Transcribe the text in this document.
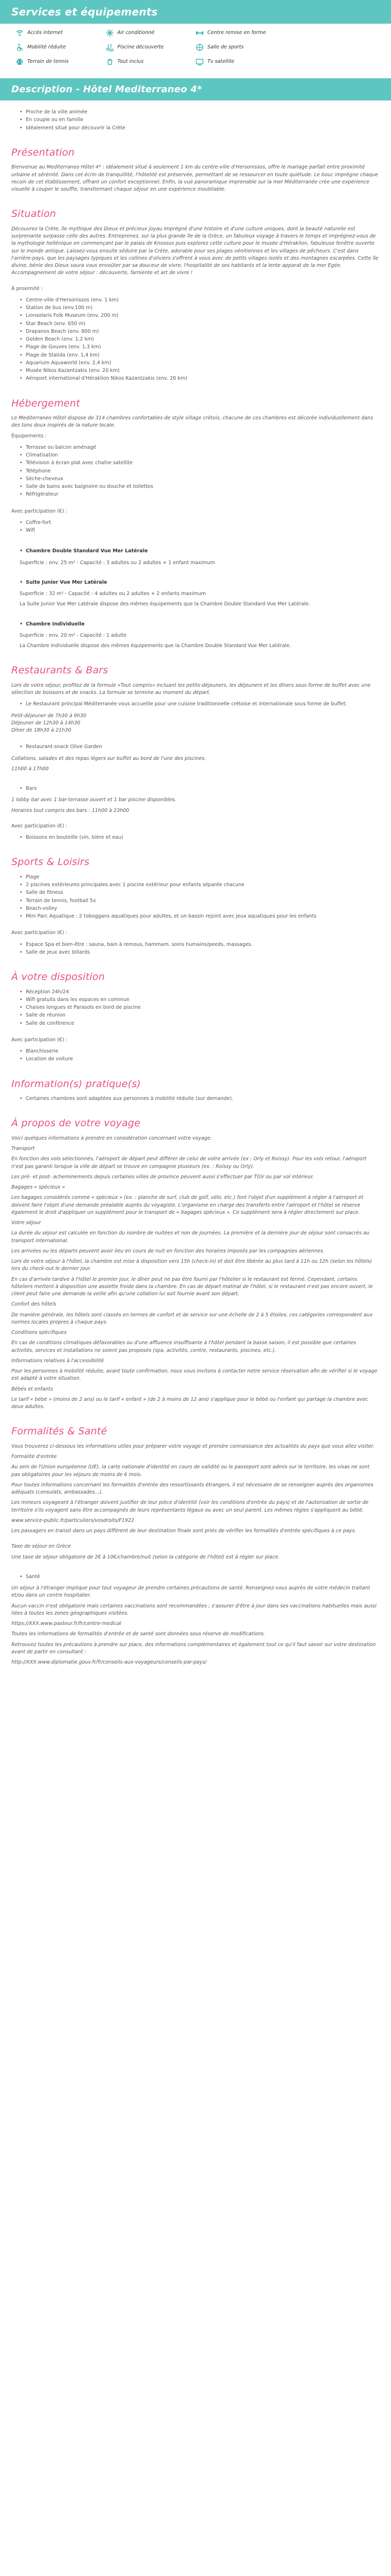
Services et équipements
Accès internet	Air conditionné	Centre remise en forme
Mobilité réduite	Piscine découverte	Salle de sports
Terrain de tennis	Tout inclus	Tv satellite
Description - Hôtel Mediterraneo 4*
• Proche de la ville animée
• En couple ou en famille
• Idéalement situé pour découvrir la Crète
Présentation

Bienvenue au Mediterraneo Hôtel 4* : idéalement situé à seulement 1 km du centre-ville d'Hersonissos, offre le mariage parfait entre proximité urbaine et sérénité. Dans cet écrin de tranquillité, l'hôtelité est préservée, permettant de se ressourcer en toute quiétude. Le bouc imprègne chaque recoin de cet établissement, offrant un confort exceptionnel. Enfin, la vue panoramique imprenable sur la mer Méditerranée crée une expérience visuelle à couper le souffle, transformant chaque séjour en une expérience inoubliable.

Situation

Découvrez la Crète, île mythique des Dieux et précieux joyau imprégné d'une histoire et d'une culture uniques, dont la beauté naturelle est surprenante surpasse celle des autres. Entreprenez, sur la plus grande île de la Grèce, un fabuleux voyage à travers le temps et imprégnez-vous de la mythologie hellénique en commençant par le palais de Knossos puis explorez cette culture pour le musée d'Héraklion, fabuleuse fenêtre ouverte sur le monde antique. Laissez-vous ensuite séduire par la Crète, adorable pour ses plages vénitiennes et les villages de pêcheurs. C'est dans l'arrière-pays, que les paysages typiques et les collines d'oliviers s'offrent à vous avec de petits villages isolés et des montagnes escarpées. Cette île divine, béniе des Dieux saura vous envoûter par sa douceur de vivre, l'hospitalité de ses habitants et la lente apparat de la mer Egée. Accompagnement de votre séjour : découverte, farniente et art de vivre !

À proximité :

• Centre-ville d'Hersonissos (env. 1 km)
• Station de bus (env.100 m)
• Lionsolaris Folk Museum (env. 200 m)
• Star Beach (env. 650 m)
• Drapanos Beach (env. 800 m)
• Golden Beach (env. 1,2 km)
• Plage de Gouves (env. 1,3 km)
• Plage de Stalida (env. 1,4 km)
• Aquarium Aquaworld (env. 2,4 km)
• Musée Nikos Kazantzakis (env. 20 km)
• Aéroport international d'Héraklion Nikos Kazantzakis (env. 20 km)
Hébergement

Le Mediterraneo Hôtel dispose de 314 chambres confortables de style village crétois, chacune de ces chambres est décorée individuellement dans des tons doux inspirés de la nature locale.

Équipements :

• Terrasse ou balcon aménagé
• Climatisation
• Télévision à écran plat avec chaîne satellite
• Téléphone
• Sèche-cheveux
• Salle de bains avec baignoire ou douche et toilettes
• Réfrigérateur

Avec participation (€) :

• Coffre-fort
• Wifi
• Chambre Double Standard Vue Mer Latérale

Superficie : env. 25 m² - Capacité : 3 adultes ou 2 adultes + 1 enfant maximum

• Suite Junior Vue Mer Latérale

Superficie : 32 m² - Capacité : 4 adultes ou 2 adultes + 2 enfants maximum

La Suite Junior Vue Mer Latérale dispose des mêmes équipements que la Chambre Double Standard Vue Mer Latérale.

• Chambre Individuelle

Superficie : env. 20 m² - Capacité : 1 adulte

La Chambre Individuelle dispose des mêmes équipements que la Chambre Double Standard Vue Mer Latérale.

Restaurants & Bars

Lors de votre séjour, profitez de la formule «Tout compris» incluant les petits-déjeuners, les déjeuners et les dîners sous forme de buffet avec une sélection de boissons et de snacks. La formule se termine au moment du départ.

• Le Restaurant principal Méditerranée vous accueille pour une cuisine traditionnelle crétoise et internationale sous forme de buffet.

Petit-déjeuner de 7h30 à 9h30

Déjeuner de 12h30 à 14h30

Dîner de 18h30 à 21h30

• Restaurant-snack Olive Garden

Collations, salades et des repas légers sur buffet au bord de l'une des piscines.

11h00 à 17h00

• Bars

1 lobby bar avec 1 bar-terrasse ouvert et 1 bar piscine disponibles.

Horaires tout compris des bars : 11h00 à 23h00

Avec participation (€) :

• Boissons en bouteille (vin, bière et eau)
Sports & Loisirs
• Plage
• 2 piscines extérieures principales avec 1 piscine extérieur pour enfants séparée chacune
• Salle de fitness
• Terrain de tennis, football 5x
• Beach-volley
• Mini Parc Aquatique : 2 toboggans aquatiques pour adultes, et un bassin rejoint avec jeux aquatiques pour les enfants

Avec participation (€) :

• Espace Spa et bien-être : sauna, bain à remous, hammam, soins humains/peeds, massages.
• Salle de jeux avec billards
À votre disposition
• Réception 24h/24
• Wifi gratuits dans les espaces en commun
• Chaises longues et Parasols en bord de piscine
• Salle de réunion
• Salle de conférence

Avec participation (€) :

• Blanchisserie
• Location de voiture
Information(s) pratique(s)
• Certaines chambres sont adaptées aux personnes à mobilité réduite (sur demande).
À propos de votre voyage

Voici quelques informations à prendre en considération concernant votre voyage.

Transport

En fonction des vols sélectionnés, l'aéroport de départ peut différer de celui de votre arrivée (ex : Orly et Roissy). Pour les vols retour, l'aéroport n'est pas garanti lorsque la ville de départ se trouve en compagnie plusieurs (ex. : Roissy ou Orly).

Les pré- et post- acheminements depuis certaines villes de province peuvent aussi s'effectuer par TGV ou par vol intérieur.

Bagages « spécieux »

Les bagages considérés comme « spécieux » (ex. : planche de surf, club de golf, vélo, etc.) font l'objet d'un supplément à régler à l'aéroport et doivent faire l'objet d'une demande préalable auprès du voyagiste. L'organisme en charge des transferts entre l'aéroport et l'hôtel se réserve également le droit d'appliquer un supplément pour le transport de « bagages spécieux ». Ce supplément sera à régler directement sur place.

Votre séjour

La durée du séjour est calculée en fonction du nombre de nuitées et non de journées. La première et la dernière jour de séjour sont consacrés au transport international.

Les arrivées ou les départs peuvent avoir lieu en cours de nuit en fonction des horaires imposés par les compagnies aériennes.

Lors de votre séjour à l'hôtel, la chambre est mise à disposition vers 15h (check-in) et doit être libérée au plus tard à 11h ou 12h (selon les hôtels) lors du check-out le dernier jour.

En cas d'arrivée tardive à l'hôtel le premier jour, le dîner peut ne pas être fourni par l'hôtelier si le restaurant est fermé. Cependant, certains hôteliers mettent à disposition une assiette froide dans la chambre. En cas de départ matinal de l'hôtel, si le restaurant n'est pas encore ouvert, le client peut faire une demande la veille afin qu'une collation lui soit fournie avant son départ.

Confort des hôtels

De manière générale, les hôtels sont classés en termes de confort et de service sur une échelle de 2 à 5 étoiles, ces catégories correspondent aux normes locales propres à chaque pays.

Conditions spécifiques

En cas de conditions climatiques défavorables ou d'une affluence insuffisante à l'hôtel pendant la basse saison, il est possible que certaines activités, services et installations ne soient pas proposés (spa, activités, centre, restaurants, piscines, etc.).

Informations relatives à l'accessibilité

Pour les personnes à mobilité réduite, avant toute confirmation, nous vous invitons à contacter notre service réservation afin de vérifier si le voyage est adapté à votre situation.

Bébés et enfants

Le tarif « bébé » (moins de 2 ans) ou le tarif « enfant » (de 2 à moins de 12 ans) s'applique pour le bébé ou l'enfant qui partage la chambre avec deux adultes.

Formalités & Santé

Vous trouverez ci-dessous les informations utiles pour préparer votre voyage et prendre connaissance des actualités du pays que vous allez visiter.

Formalité d'entrée

Au sein de l'Union européenne (UE), la carte nationale d'identité en cours de validité ou le passeport sont admis sur le territoire, les visas ne sont pas obligatoires pour les séjours de moins de 6 mois.

Pour toutes informations concernant les formalités d'entrée des ressortissants étrangers, il est nécessaire de se renseigner auprès des organismes adéquats (consulats, ambassades...).

Les mineurs voyageant à l'étranger doivent justifier de leur pièce d'identité (voir les conditions d'entrée du pays) et de l'autorisation de sortie de territoire s'ils voyagent sans être accompagnés de leurs représentants légaux ou avec un seul parent. Les mêmes règles s'appliquent au bébé.

www.service-public.fr/particuliers/vosdroits/F1922

Les passagers en transit dans un pays différent de leur destination finale sont priés de vérifier les formalités d'entrée spécifiques à ce pays.

Taxe de séjour en Grèce

Une taxe de séjour obligatoire de 2€ à 10€/chambre/nuit (selon la catégorie de l'hôtel) est à régler sur place.

• Santé

Un séjour à l'étranger implique pour tout voyageur de prendre certaines précautions de santé. Renseignez-vous auprès de votre médecin traitant et/ou dans un centre hospitalier.

Aucun vaccin n'est obligatoire mais certaines vaccinations sont recommandées ; s'assurer d'être à jour dans ses vaccinations habituelles mais aussi liées à toutes les zones géographiques visitées.

https://XXX.www.pasteur.fr/fr/centre-medical

Toutes les informations de formalités d'entrée et de santé sont données sous réserve de modifications.

Retrouvez toutes les précautions à prendre sur place, des informations complémentaires et également tout ce qu'il faut savoir sur votre destination avant de partir en consultant :

http://XXX.www.diplomatie.gouv.fr/fr/conseils-aux-voyageurs/conseils-par-pays/
